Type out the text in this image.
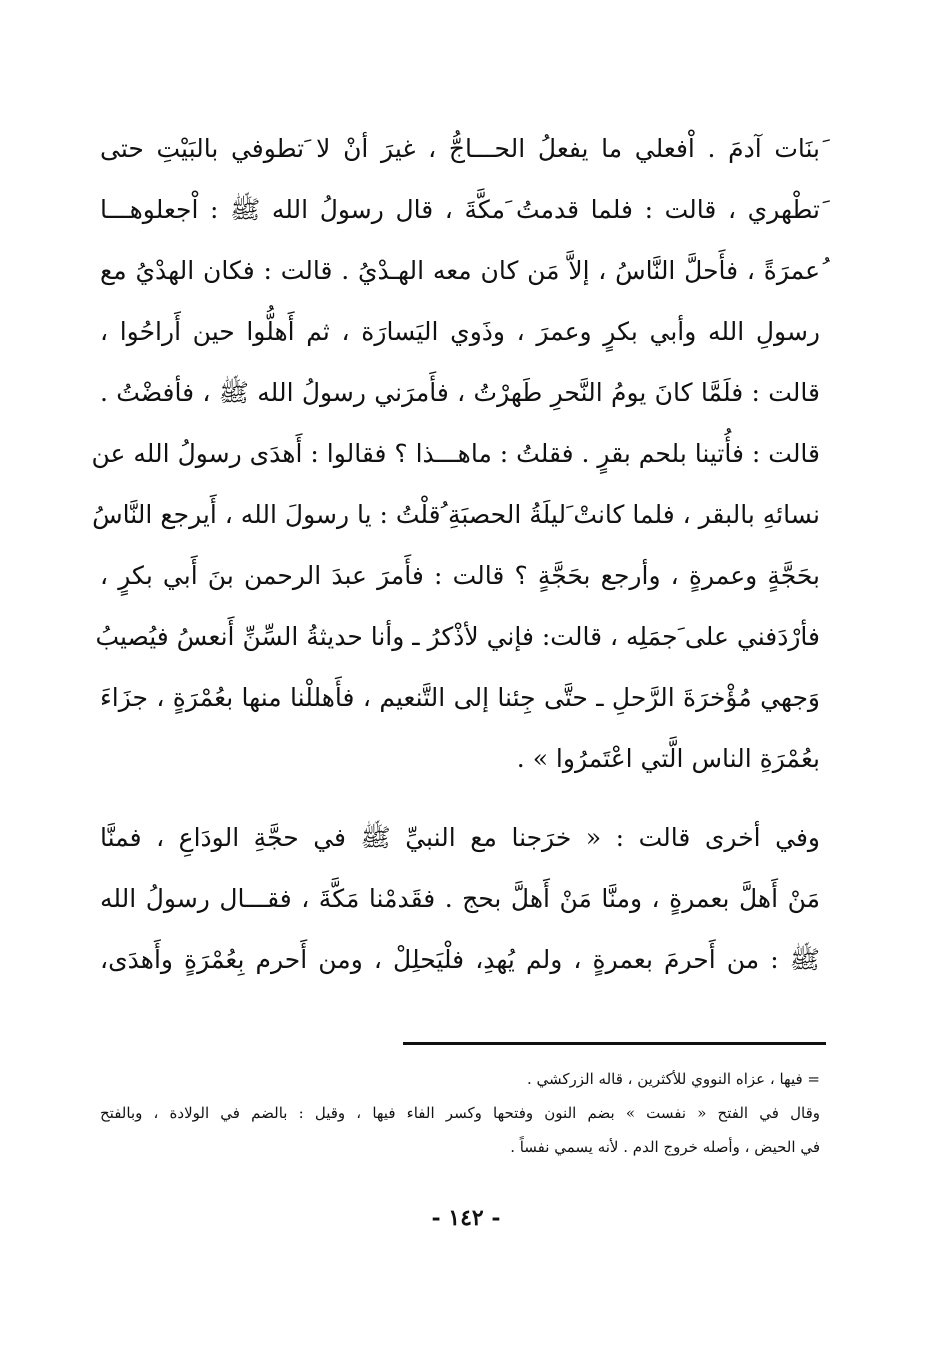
َبنَات آدمَ . اْفعلي ما يفعلُ الحـــاجُّ ، غيرَ أنْ لا َتطوفي بالبَيْتِ حتى
َتطْهري ، قالت : فلما قدمتُ َمكَّةَ ، قال رسولُ الله ﷺ : اْجعلوهـــا
ُعمرَةً ، فأَحلَّ النَّاسُ ، إلاَّ مَن كان معه الهـدْيُ . قالت : فكان الهدْيُ مع
رسولِ الله وأبي بكرٍ وعمرَ ، وذَوي اليَسارَة ، ثم أَهلُّوا حين أَراحُوا ،
قالت : فلَمَّا كانَ يومُ النَّحرِ طَهرْتُ ، فأَمرَني رسولُ الله ﷺ ، فأفضْتُ .
قالت : فأُتينا بلحم بقرٍ . فقلتُ : ماهـــذا ؟ فقالوا : أَهدَى رسولُ الله عن
نسائهِ بالبقر ، فلما كانتْ َليلَةُ الحصبَةِ ُقلْتُ : يا رسولَ الله ، أَيرجع النَّاسُ
بحَجَّةٍ وعمرةٍ ، وأرجع بحَجَّةٍ ؟ قالت : فأَمرَ عبدَ الرحمن بنَ أَبي بكرٍ ،
فأرْدَفني على َجمَلِه ، قالت: فإني لأذْكرُ ـ وأنا حديثةُ السِّنِّ أَنعسُ فيُصيبُ
وَجهي مُؤْخرَةَ الرَّحلِ ـ حتَّى جِئنا إلى التَّنعيم ، فأَهللْنا منها بعُمْرَةٍ ، جزَاءَ
بعُمْرَةِ الناس الَّتي اعْتَمرُوا » .
وفي أخرى قالت : « خرَجنا مع النبيِّ ﷺ في حجَّةِ الودَاعِ ، فمنَّا
مَنْ أَهلَّ بعمرةٍ ، ومنَّا مَنْ أَهلَّ بحج . فقَدمْنا مَكَّةَ ، فقـــال رسولُ الله
ﷺ : من أَحرمَ بعمرةٍ ، ولم يُهدِ، فلْيَحلِلْ ، ومن أَحرم بِعُمْرَةٍ وأَهدَى،
= فيها ، عزاه النووي للأكثرين ، قاله الزركشي .
وقال في الفتح « نفست » بضم النون وفتحها وكسر الفاء فيها ، وقيل : بالضم في الولادة ، وبالفتح
في الحيض ، وأصله خروج الدم . لأنه يسمي نفساً .
- ١٤٢ -
